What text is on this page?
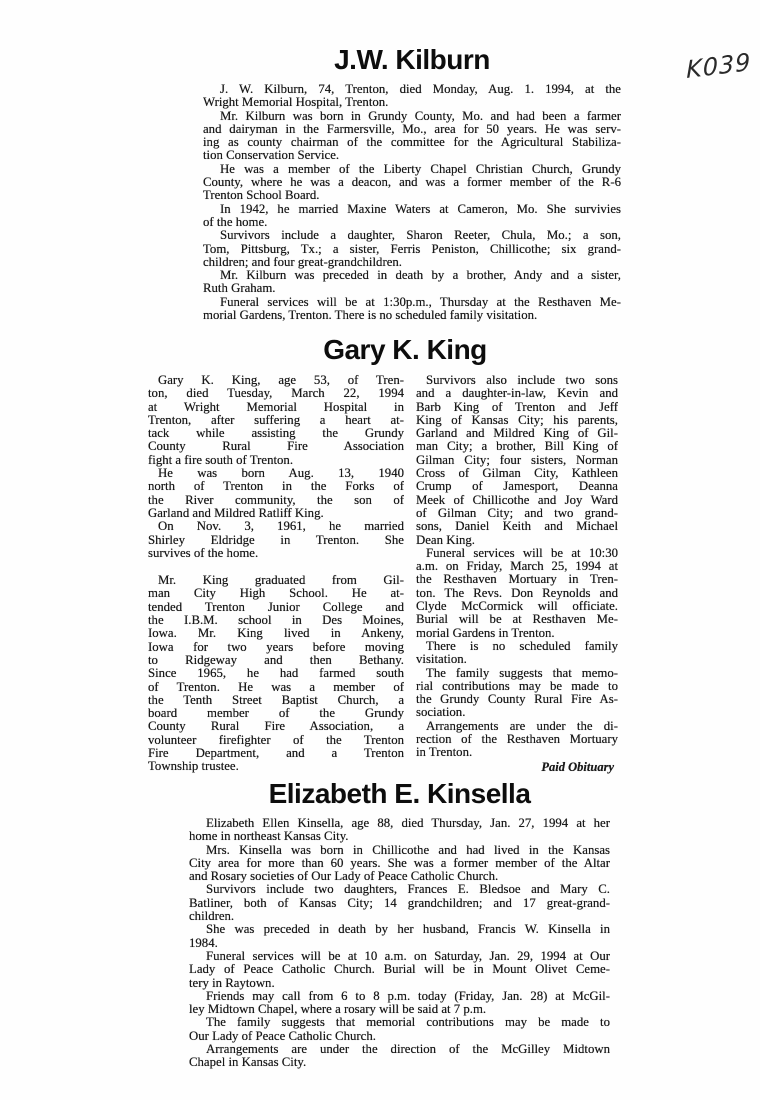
K039
J.W. Kilburn
J. W. Kilburn, 74, Trenton, died Monday, Aug. 1. 1994, at the
Wright Memorial Hospital, Trenton.
Mr. Kilburn was born in Grundy County, Mo. and had been a farmer
and dairyman in the Farmersville, Mo., area for 50 years. He was serv-
ing as county chairman of the committee for the Agricultural Stabiliza-
tion Conservation Service.
He was a member of the Liberty Chapel Christian Church, Grundy
County, where he was a deacon, and was a former member of the R-6
Trenton School Board.
In 1942, he married Maxine Waters at Cameron, Mo. She survivies
of the home.
Survivors include a daughter, Sharon Reeter, Chula, Mo.; a son,
Tom, Pittsburg, Tx.; a sister, Ferris Peniston, Chillicothe; six grand-
children; and four great-grandchildren.
Mr. Kilburn was preceded in death by a brother, Andy and a sister,
Ruth Graham.
Funeral services will be at 1:30p.m., Thursday at the Resthaven Me-
morial Gardens, Trenton. There is no scheduled family visitation.
Gary K. King
Gary K. King, age 53, of Tren-
ton, died Tuesday, March 22, 1994
at Wright Memorial Hospital in
Trenton, after suffering a heart at-
tack while assisting the Grundy
County Rural Fire Association
fight a fire south of Trenton.
He was born Aug. 13, 1940
north of Trenton in the Forks of
the River community, the son of
Garland and Mildred Ratliff King.
On Nov. 3, 1961, he married
Shirley Eldridge in Trenton. She
survives of the home.
Mr. King graduated from Gil-
man City High School. He at-
tended Trenton Junior College and
the I.B.M. school in Des Moines,
Iowa. Mr. King lived in Ankeny,
Iowa for two years before moving
to Ridgeway and then Bethany.
Since 1965, he had farmed south
of Trenton. He was a member of
the Tenth Street Baptist Church, a
board member of the Grundy
County Rural Fire Association, a
volunteer firefighter of the Trenton
Fire Department, and a Trenton
Township trustee.
Survivors also include two sons
and a daughter-in-law, Kevin and
Barb King of Trenton and Jeff
King of Kansas City; his parents,
Garland and Mildred King of Gil-
man City; a brother, Bill King of
Gilman City; four sisters, Norman
Cross of Gilman City, Kathleen
Crump of Jamesport, Deanna
Meek of Chillicothe and Joy Ward
of Gilman City; and two grand-
sons, Daniel Keith and Michael
Dean King.
Funeral services will be at 10:30
a.m. on Friday, March 25, 1994 at
the Resthaven Mortuary in Tren-
ton. The Revs. Don Reynolds and
Clyde McCormick will officiate.
Burial will be at Resthaven Me-
morial Gardens in Trenton.
There is no scheduled family
visitation.
The family suggests that memo-
rial contributions may be made to
the Grundy County Rural Fire As-
sociation.
Arrangements are under the di-
rection of the Resthaven Mortuary
in Trenton.
Paid Obituary
Elizabeth E. Kinsella
Elizabeth Ellen Kinsella, age 88, died Thursday, Jan. 27, 1994 at her
home in northeast Kansas City.
Mrs. Kinsella was born in Chillicothe and had lived in the Kansas
City area for more than 60 years. She was a former member of the Altar
and Rosary societies of Our Lady of Peace Catholic Church.
Survivors include two daughters, Frances E. Bledsoe and Mary C.
Batliner, both of Kansas City; 14 grandchildren; and 17 great-grand-
children.
She was preceded in death by her husband, Francis W. Kinsella in
1984.
Funeral services will be at 10 a.m. on Saturday, Jan. 29, 1994 at Our
Lady of Peace Catholic Church. Burial will be in Mount Olivet Ceme-
tery in Raytown.
Friends may call from 6 to 8 p.m. today (Friday, Jan. 28) at McGil-
ley Midtown Chapel, where a rosary will be said at 7 p.m.
The family suggests that memorial contributions may be made to
Our Lady of Peace Catholic Church.
Arrangements are under the direction of the McGilley Midtown
Chapel in Kansas City.
